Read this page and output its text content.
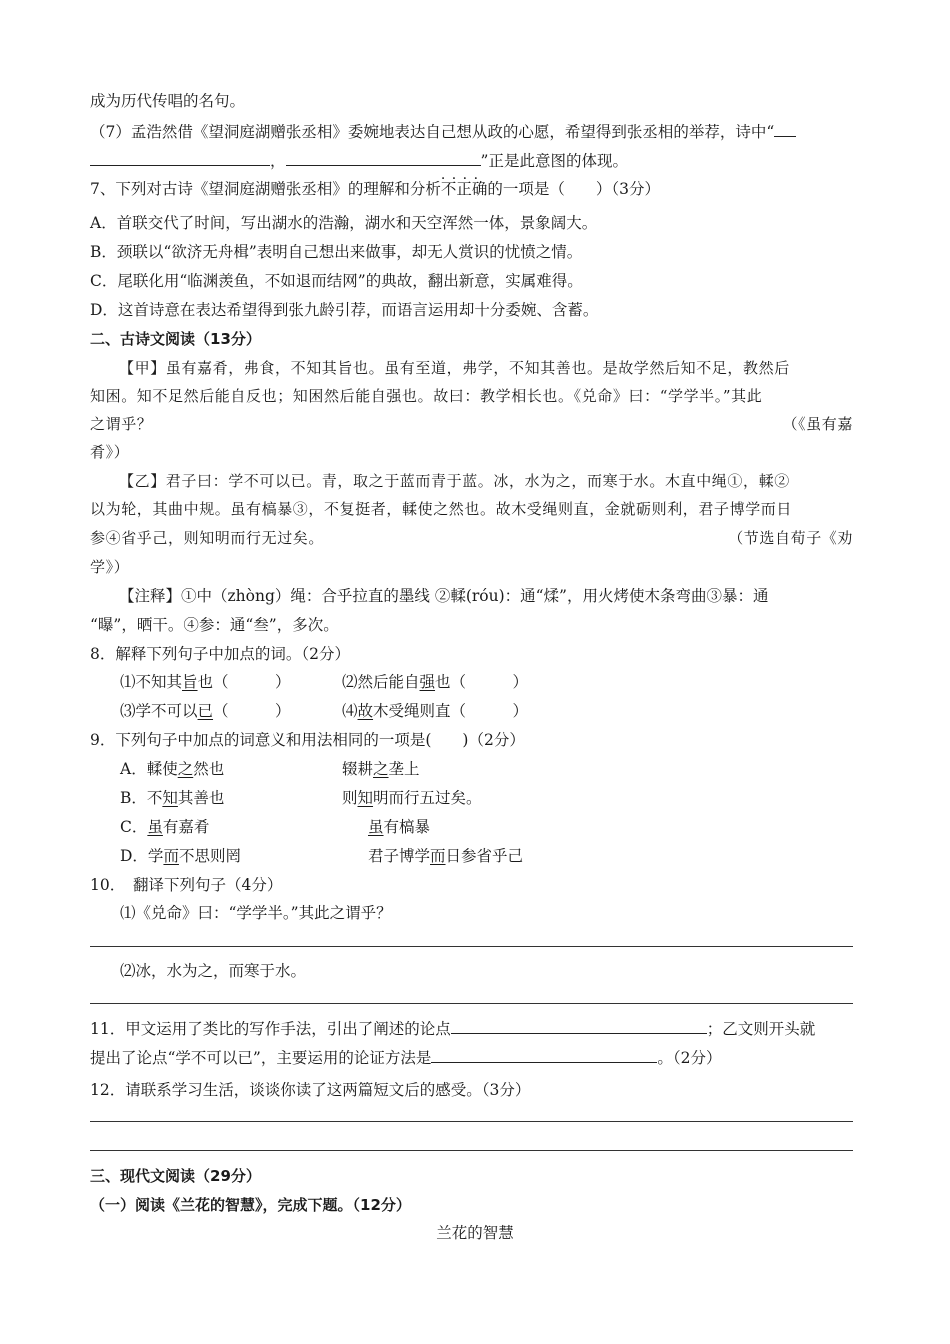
成为历代传唱的名句。
（7）孟浩然借《望洞庭湖赠张丞相》委婉地表达自己想从政的心愿，希望得到张丞相的举荐，诗中“
，	”正是此意图的体现。
7、下列对古诗《望洞庭湖赠张丞相》的理解和分析不正确 · · · ·的一项是（　　）（3分）
A．首联交代了时间，写出湖水的浩瀚，湖水和天空浑然一体，景象阔大。
B．颈联以“欲济无舟楫”表明自己想出来做事，却无人赏识的忧愤之情。
C．尾联化用“临渊羡鱼，不如退而结网”的典故，翻出新意，实属难得。
D．这首诗意在表达希望得到张九龄引荐，而语言运用却十分委婉、含蓄。
二、古诗文阅读（13分）
【甲】虽有嘉肴，弗食，不知其旨也。虽有至道，弗学，不知其善也。是故学然后知不足，教然后
知困。知不足然后能自反也；知困然后能自强也。故曰：教学相长也。《兑命》曰：“学学半。”其此
之谓乎？	（《虽有嘉
肴》）
【乙】君子曰：学不可以已。青，取之于蓝而青于蓝。冰，水为之，而寒于水。木直中绳①，輮②
以为轮，其曲中规。虽有槁暴③，不复挺者，輮使之然也。故木受绳则直，金就砺则利，君子博学而日
参④省乎己，则知明而行无过矣。	（节选自荀子《劝
学》）
【注释】①中（zhòng）绳：合乎拉直的墨线 ②輮(róu)：通“煣”，用火烤使木条弯曲③暴：通
“曝”，晒干。④参：通“叁”，多次。
8．解释下列句子中加点的词。（2分）
⑴不知其旨也（　　　）	⑵然后能自强也（　　　）
⑶学不可以已（　　　）	⑷故木受绳则直（　　　）
9．下列句子中加点的词意义和用法相同的一项是(　　)（2分）
A．輮使之然也	辍耕之垄上
B．不知其善也	则知明而行五过矣。
C．虽有嘉肴	虽有槁暴
D．学而不思则罔	君子博学而日参省乎己
10．　翻译下列句子（4分）
⑴《兑命》曰：“学学半。”其此之谓乎？
⑵冰，水为之，而寒于水。
11．甲文运用了类比的写作手法，引出了阐述的论点	；乙文则开头就
提出了论点“学不可以已”，主要运用的论证方法是	。（2分）
12．请联系学习生活，谈谈你读了这两篇短文后的感受。（3分）
三、现代文阅读（29分）
（一）阅读《兰花的智慧》，完成下题。（12分）
兰花的智慧
